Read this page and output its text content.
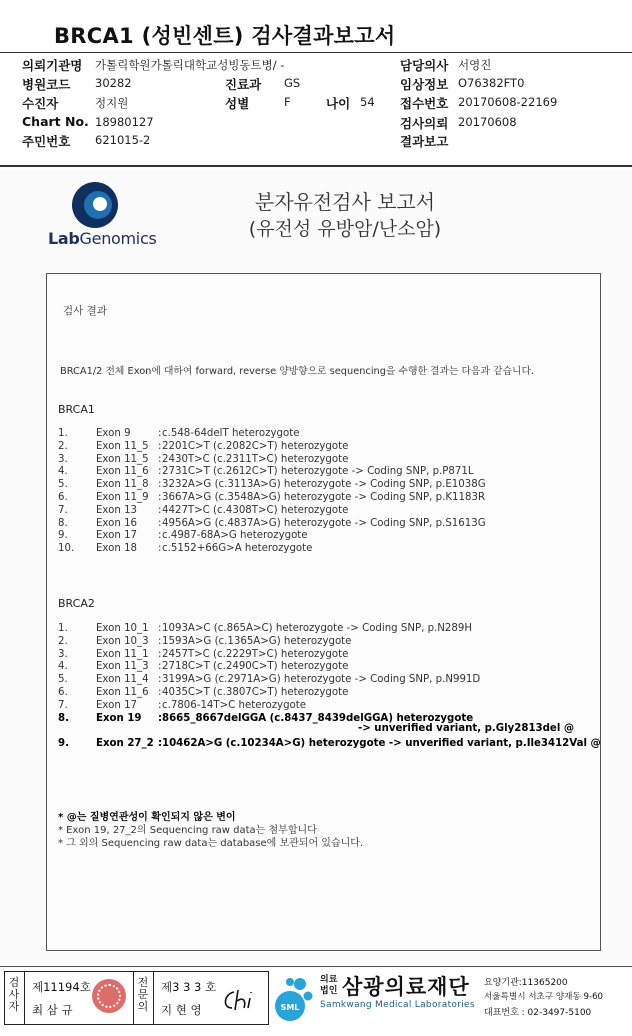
BRCA1 (성빈센트) 검사결과보고서
의뢰기관명 가톨릭학원가톨릭대학교성빙동트병/ -	담당의사 서영진
병원코드 30282	진료과 GS	임상정보 O76382FT0
수진자	정지원	성별	F	나이 54 접수번호 20170608-22169
Chart No. 18980127	검사의뢰 20170608
주민번호 621015-2	결과보고
LabGenomics
분자유전검사 보고서
(유전성 유방암/난소암)
검사 결과
BRCA1/2 전체 Exon에 대하여 forward, reverse 양방향으로 sequencing을 수행한 결과는 다음과 같습니다.
BRCA1
1.	Exon 9	: c.548-64delT heterozygote
2.	Exon 11_5 : 2201C>T (c.2082C>T) heterozygote
3.	Exon 11_5 : 2430T>C (c.2311T>C) heterozygote
4.	Exon 11_6 : 2731C>T (c.2612C>T) heterozygote -> Coding SNP, p.P871L
5.	Exon 11_8 : 3232A>G (c.3113A>G) heterozygote -> Coding SNP, p.E1038G
6.	Exon 11_9 : 3667A>G (c.3548A>G) heterozygote -> Coding SNP, p.K1183R
7.	Exon 13 : 4427T>C (c.4308T>C) heterozygote
8.	Exon 16 : 4956A>G (c.4837A>G) heterozygote -> Coding SNP, p.S1613G
9.	Exon 17 : c.4987-68A>G heterozygote
10. Exon 18 : c.5152+66G>A heterozygote
BRCA2
1.	Exon 10_1 : 1093A>C (c.865A>C) heterozygote -> Coding SNP, p.N289H
2.	Exon 10_3 : 1593A>G (c.1365A>G) heterozygote
3.	Exon 11_1 : 2457T>C (c.2229T>C) heterozygote
4.	Exon 11_3 : 2718C>T (c.2490C>T) heterozygote
5.	Exon 11_4 : 3199A>G (c.2971A>G) heterozygote -> Coding SNP, p.N991D
6.	Exon 11_6 : 4035C>T (c.3807C>T) heterozygote
7.	Exon 17 : c.7806-14T>C heterozygote
8.	Exon 19 : 8665_8667delGGA (c.8437_8439delGGA) heterozygote
-> unverified variant, p.Gly2813del @
9.	Exon 27_2 : 10462A>G (c.10234A>G) heterozygote -> unverified variant, p.Ile3412Val @
* @는 질병연관성이 확인되지 않은 변이
* Exon 19, 27_2의 Sequencing raw data는 첨부합니다
* 그 외의 Sequencing raw data는 database에 보관되어 있습니다.
검사자
제11194호
최 삼 규
전문의
제3 3 3 호
지 현 영	SML
의료
법인 삼광의료재단
Samkwang Medical Laboratories
요양기관:11365200
서울특별시 서초구 양재동 9-60
대표번호 : 02-3497-5100
